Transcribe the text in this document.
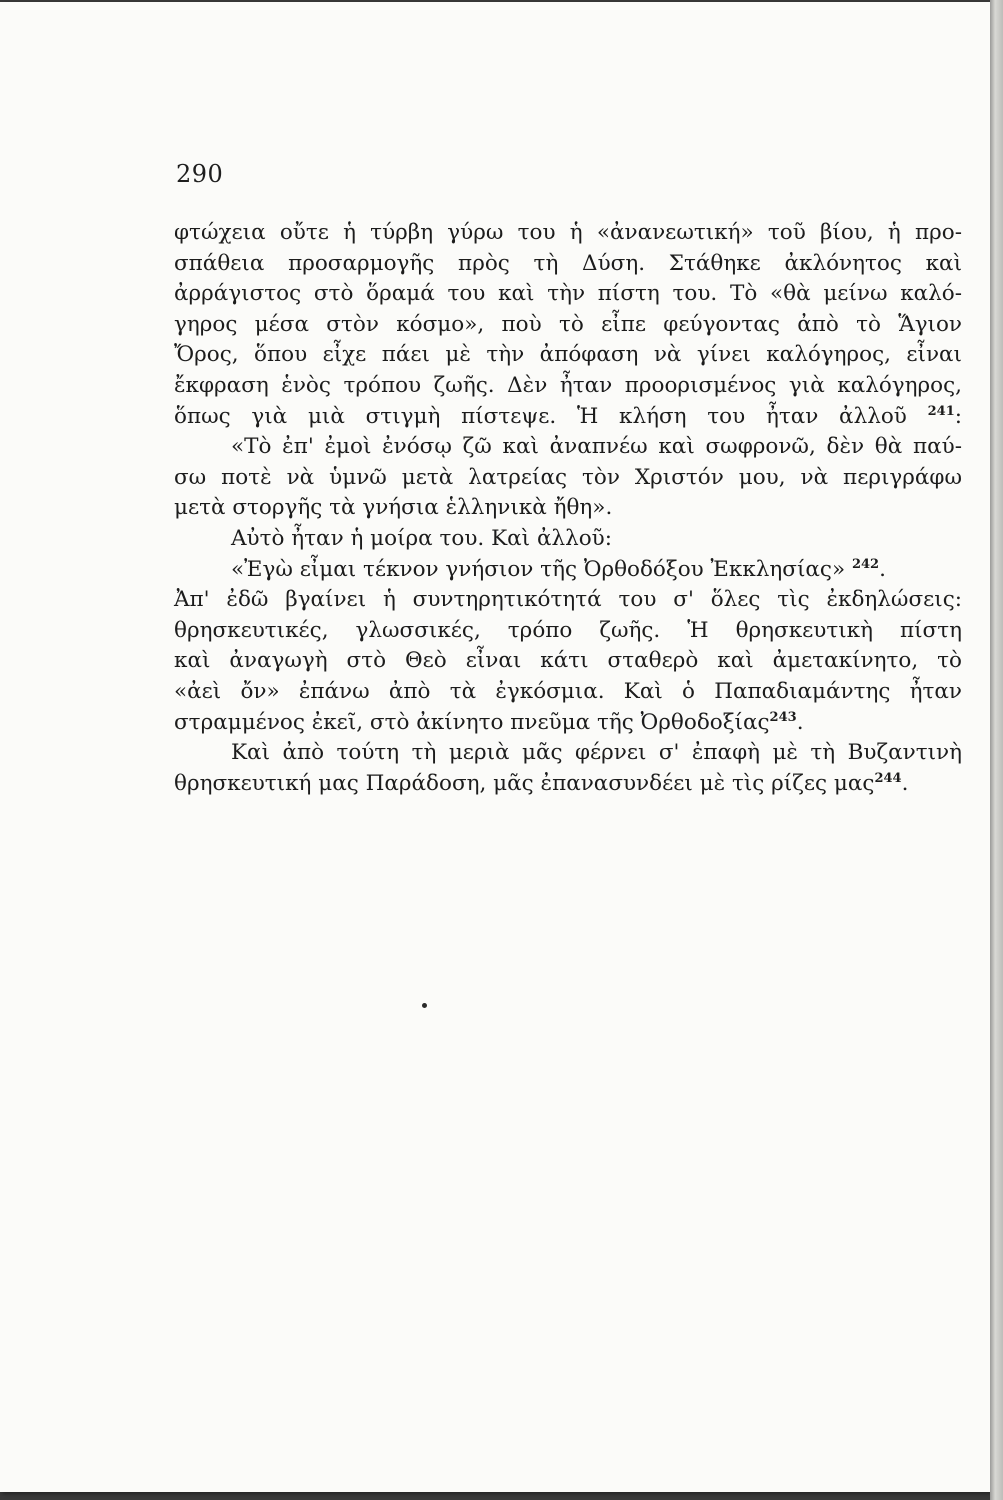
290
φτώχεια οὔτε ἡ τύρβη γύρω του ἡ «ἀνανεωτική» τοῦ βίου, ἡ προ-
σπάθεια προσαρμογῆς πρὸς τὴ Δύση. Στάθηκε ἀκλόνητος καὶ
ἀρράγιστος στὸ ὅραμά του καὶ τὴν πίστη του. Τὸ «θὰ μείνω καλό-
γηρος μέσα στὸν κόσμο», ποὺ τὸ εἶπε φεύγοντας ἀπὸ τὸ Ἅγιον
Ὄρος, ὅπου εἶχε πάει μὲ τὴν ἀπόφαση νὰ γίνει καλόγηρος, εἶναι
ἔκφραση ἑνὸς τρόπου ζωῆς. Δὲν ἦταν προορισμένος γιὰ καλόγηρος,
ὅπως γιὰ μιὰ στιγμὴ πίστεψε. Ἡ κλήση του ἦταν ἀλλοῦ $^{241}$:
«Τὸ ἐπ' ἐμοὶ ἐνόσῳ ζῶ καὶ ἀναπνέω καὶ σωφρονῶ, δὲν θὰ παύ-
σω ποτὲ νὰ ὑμνῶ μετὰ λατρείας τὸν Χριστόν μου, νὰ περιγράφω
μετὰ στοργῆς τὰ γνήσια ἑλληνικὰ ἤθη».
Αὐτὸ ἦταν ἡ μοίρα του. Καὶ ἀλλοῦ:
«Ἐγὼ εἶμαι τέκνον γνήσιον τῆς Ὀρθοδόξου Ἐκκλησίας» $^{242}$.
Ἀπ' ἐδῶ βγαίνει ἡ συντηρητικότητά του σ' ὅλες τὶς ἐκδηλώσεις:
θρησκευτικές, γλωσσικές, τρόπο ζωῆς. Ἡ θρησκευτικὴ πίστη
καὶ ἀναγωγὴ στὸ Θεὸ εἶναι κάτι σταθερὸ καὶ ἀμετακίνητο, τὸ
«ἀεὶ ὄν» ἐπάνω ἀπὸ τὰ ἐγκόσμια. Καὶ ὁ Παπαδιαμάντης ἦταν
στραμμένος ἐκεῖ, στὸ ἀκίνητο πνεῦμα τῆς Ὀρθοδοξίας$^{243}$.
Καὶ ἀπὸ τούτη τὴ μεριὰ μᾶς φέρνει σ' ἐπαφὴ μὲ τὴ Βυζαντινὴ
θρησκευτική μας Παράδοση, μᾶς ἐπανασυνδέει μὲ τὶς ρίζες μας$^{244}$.
